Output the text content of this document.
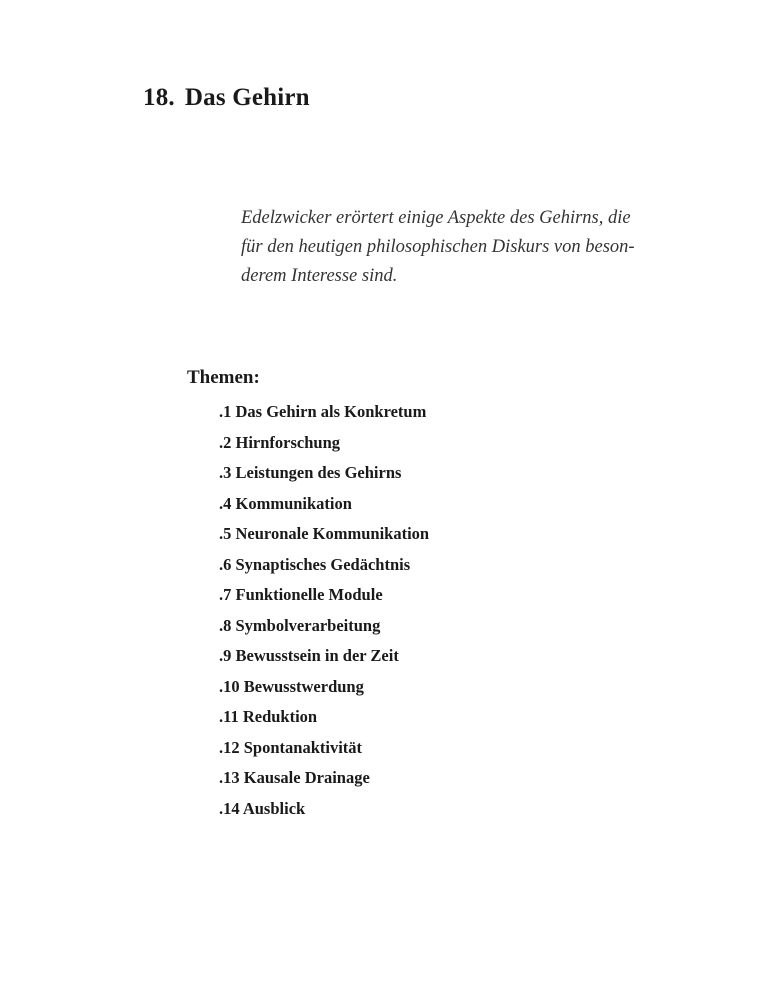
18. Das Gehirn

Edelzwicker erörtert einige Aspekte des Gehirns, die
für den heutigen philosophischen Diskurs von beson-
derem Interesse sind.

Themen:
.1 Das Gehirn als Konkretum
.2 Hirnforschung
.3 Leistungen des Gehirns
.4 Kommunikation
.5 Neuronale Kommunikation
.6 Synaptisches Gedächtnis
.7 Funktionelle Module
.8 Symbolverarbeitung
.9 Bewusstsein in der Zeit
.10 Bewusstwerdung
.11 Reduktion
.12 Spontanaktivität
.13 Kausale Drainage
.14 Ausblick
